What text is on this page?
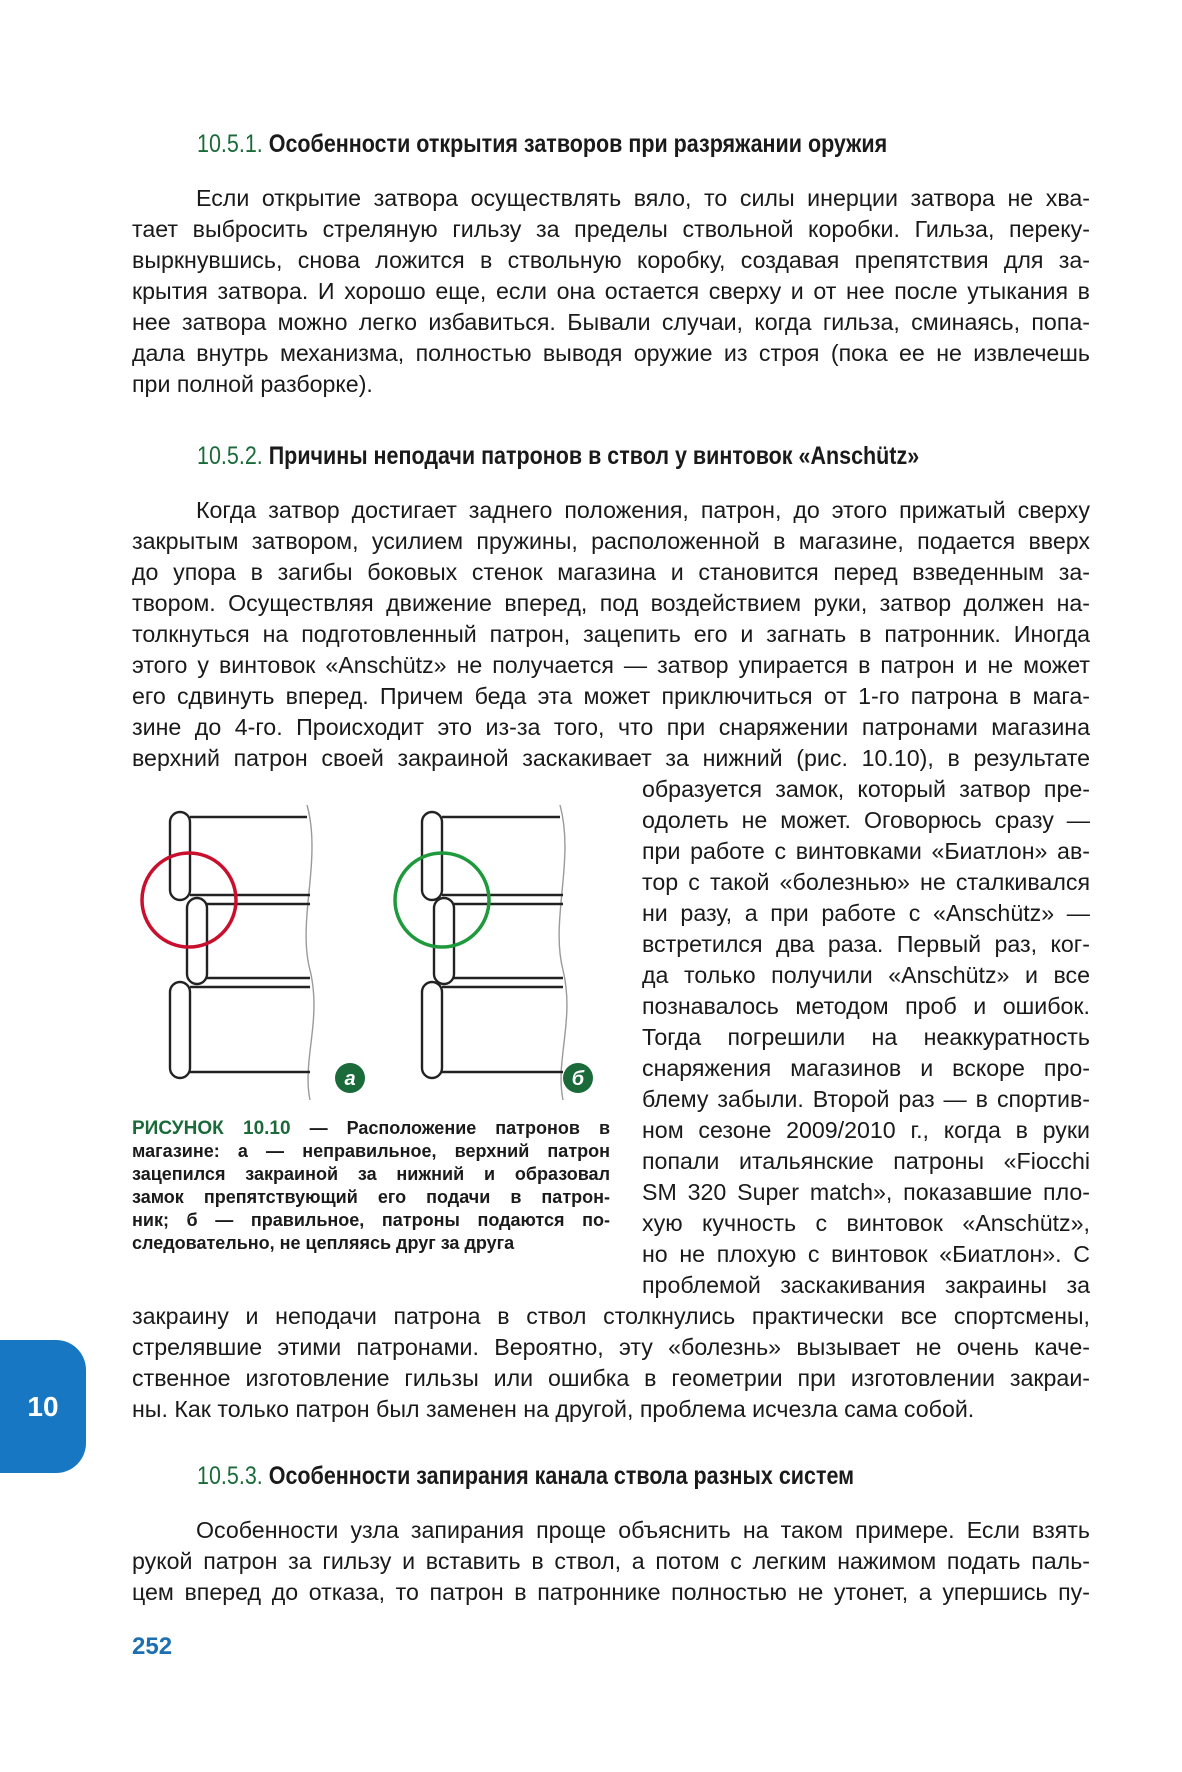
10.5.1. Особенности открытия затворов при разряжании оружия

Если открытие затвора осуществлять вяло, то силы инерции затвора не хва-
тает выбросить стреляную гильзу за пределы ствольной коробки. Гильза, переку-
выркнувшись, снова ложится в ствольную коробку, создавая препятствия для за-
крытия затвора. И хорошо еще, если она остается сверху и от нее после утыкания в
нее затвора можно легко избавиться. Бывали случаи, когда гильза, сминаясь, попа-
дала внутрь механизма, полностью выводя оружие из строя (пока ее не извлечешь
при полной разборке).

10.5.2. Причины неподачи патронов в ствол у винтовок «Anschütz»

Когда затвор достигает заднего положения, патрон, до этого прижатый сверху
закрытым затвором, усилием пружины, расположенной в магазине, подается вверх
до упора в загибы боковых стенок магазина и становится перед взведенным за-
твором. Осуществляя движение вперед, под воздействием руки, затвор должен на-
толкнуться на подготовленный патрон, зацепить его и загнать в патронник. Иногда
этого у винтовок «Anschütz» не получается — затвор упирается в патрон и не может
его сдвинуть вперед. Причем беда эта может приключиться от 1-го патрона в мага-
зине до 4-го. Происходит это из-за того, что при снаряжении патронами магазина
верхний патрон своей закраиной заскакивает за нижний (рис. 10.10), в результате

образуется замок, который затвор пре-
одолеть не может. Оговорюсь сразу —
при работе с винтовками «Биатлон» ав-
тор с такой «болезнью» не сталкивался
ни разу, а при работе с «Anschütz» —
встретился два раза. Первый раз, ког-
да только получили «Anschütz» и все
познавалось методом проб и ошибок.
Тогда погрешили на неаккуратность
снаряжения магазинов и вскоре про-
блему забыли. Второй раз — в спортив-
ном сезоне 2009/2010 г., когда в руки
попали итальянские патроны «Fiocchi
SM 320 Super match», показавшие пло-
хую кучность с винтовок «Anschütz»,
но не плохую с винтовок «Биатлон». С
проблемой заскакивания закраины за

закраину и неподачи патрона в ствол столкнулись практически все спортсмены,
стрелявшие этими патронами. Вероятно, эту «болезнь» вызывает не очень каче-
ственное изготовление гильзы или ошибка в геометрии при изготовлении закраи-
ны. Как только патрон был заменен на другой, проблема исчезла сама собой.

а	б

РИСУНОК 10.10 — Расположение патронов в
магазине: а — неправильное, верхний патрон
зацепился закраиной за нижний и образовал
замок препятствующий его подачи в патрон-
ник; б — правильное, патроны подаются по-
следовательно, не цепляясь друг за друга

10
10.5.3. Особенности запирания канала ствола разных систем

Особенности узла запирания проще объяснить на таком примере. Если взять
рукой патрон за гильзу и вставить в ствол, а потом с легким нажимом подать паль-
цем вперед до отказа, то патрон в патроннике полностью не утонет, а упершись пу-

252
